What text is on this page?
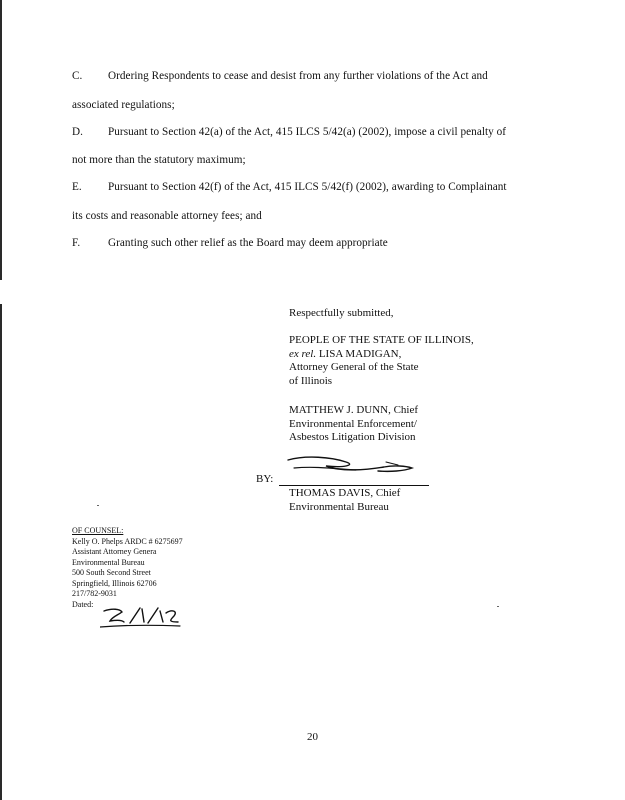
C. Ordering Respondents to cease and desist from any further violations of the Act and
associated regulations;
D. Pursuant to Section 42(a) of the Act, 415 ILCS 5/42(a) (2002), impose a civil penalty of
not more than the statutory maximum;
E. Pursuant to Section 42(f) of the Act, 415 ILCS 5/42(f) (2002), awarding to Complainant
its costs and reasonable attorney fees; and
F. Granting such other relief as the Board may deem appropriate
Respectfully submitted,
PEOPLE OF THE STATE OF ILLINOIS,
ex rel. LISA MADIGAN,
Attorney General of the State
of Illinois
MATTHEW J. DUNN, Chief
Environmental Enforcement/
Asbestos Litigation Division
BY:
THOMAS DAVIS, Chief
Environmental Bureau
OF COUNSEL:
Kelly O. Phelps ARDC # 6275697
Assistant Attorney Genera
Environmental Bureau
500 South Second Street
Springfield, Illinois 62706
217/782-9031
Dated:
20
